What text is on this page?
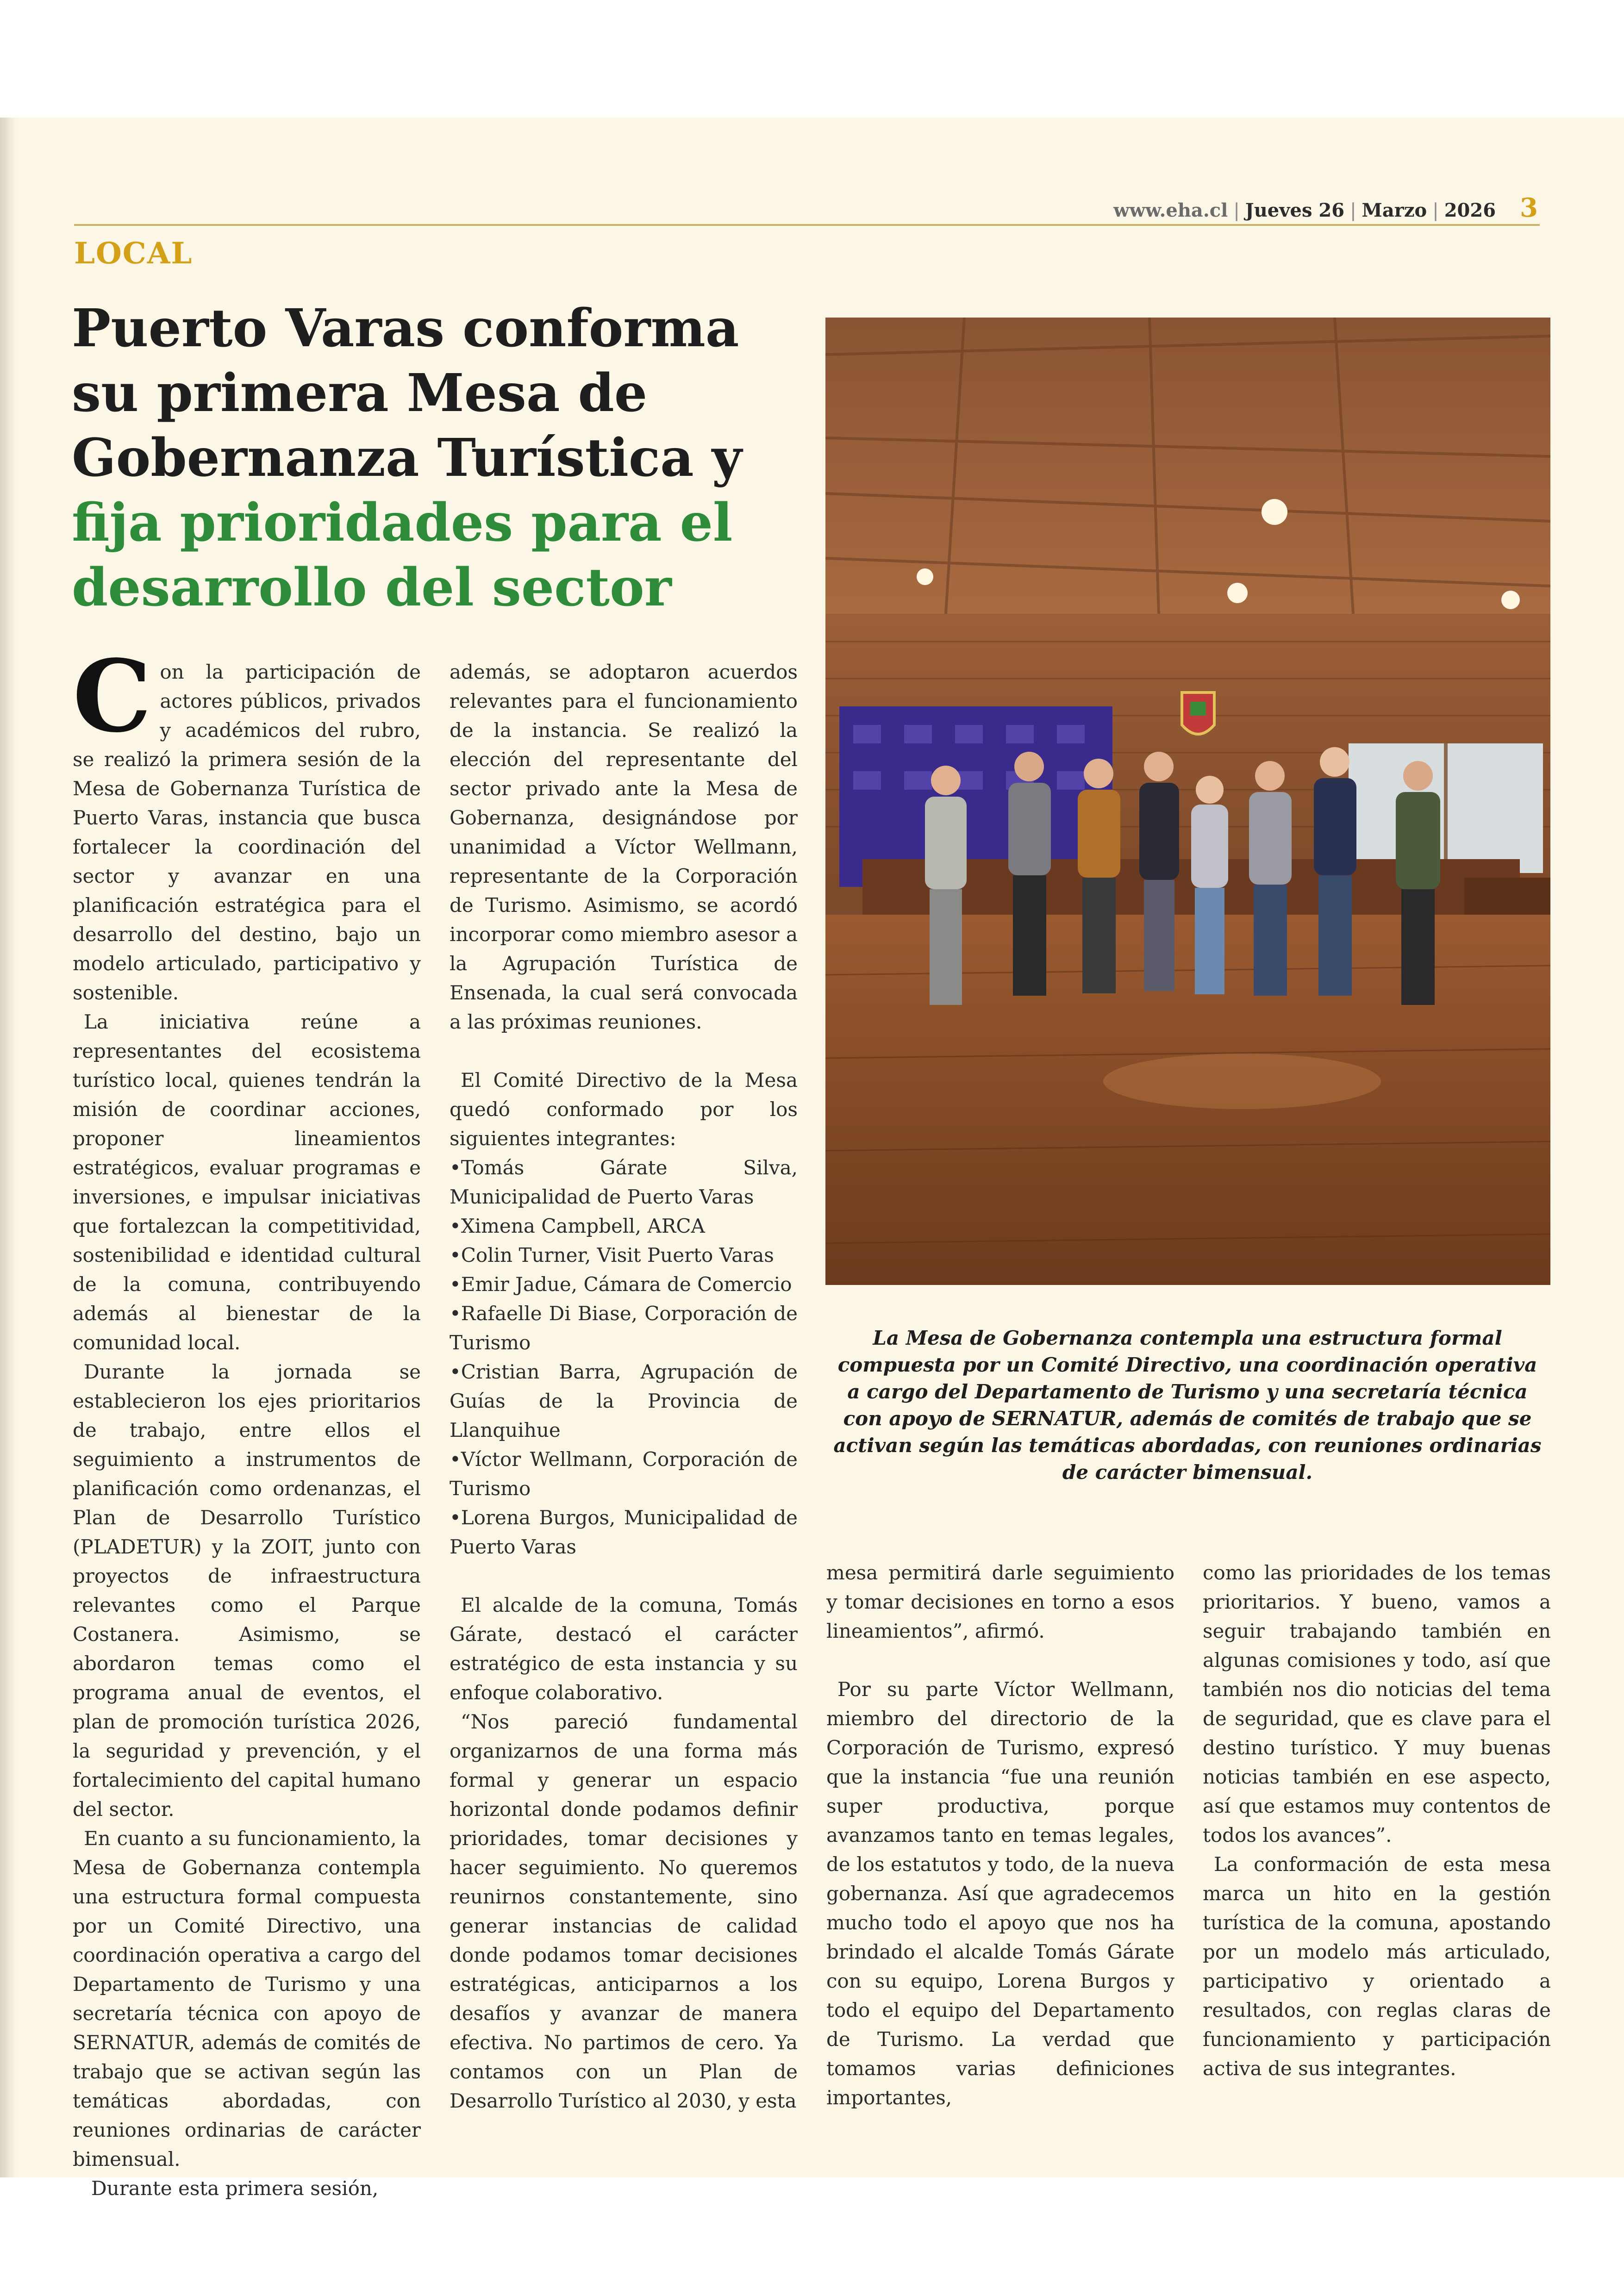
www.eha.cl | Jueves 26 | Marzo | 2026 3
LOCAL
Puerto Varas conforma
su primera Mesa de
Gobernanza Turística y
fija prioridades para el
desarrollo del sector
La Mesa de Gobernanza contempla una estructura formal compuesta por un Comité Directivo, una coordinación operativa a cargo del Departamento de Turismo y una secretaría técnica con apoyo de SERNATUR, además de comités de trabajo que se activan según las temáticas abordadas, con reuniones ordinarias de carácter bimensual.

Con la participación de actores públicos, privados y académicos del rubro, se realizó la primera sesión de la Mesa de Gobernanza Turística de Puerto Varas, instancia que busca fortalecer la coordinación del sector y avanzar en una planificación estratégica para el desarrollo del destino, bajo un modelo articulado, participativo y sostenible.

La iniciativa reúne a representantes del ecosistema turístico local, quienes tendrán la misión de coordinar acciones, proponer lineamientos estratégicos, evaluar programas e inversiones, e impulsar iniciativas que fortalezcan la competitividad, sostenibilidad e identidad cultural de la comuna, contribuyendo además al bienestar de la comunidad local.

Durante la jornada se establecieron los ejes prioritarios de trabajo, entre ellos el seguimiento a instrumentos de planificación como ordenanzas, el Plan de Desarrollo Turístico (PLADETUR) y la ZOIT, junto con proyectos de infraestructura relevantes como el Parque Costanera. Asimismo, se abordaron temas como el programa anual de eventos, el plan de promoción turística 2026, la seguridad y prevención, y el fortalecimiento del capital humano del sector.

En cuanto a su funcionamiento, la Mesa de Gobernanza contempla una estructura formal compuesta por un Comité Directivo, una coordinación operativa a cargo del Departamento de Turismo y una secretaría técnica con apoyo de SERNATUR, además de comités de trabajo que se activan según las temáticas abordadas, con reuniones ordinarias de carácter bimensual.

Durante esta primera sesión,

además, se adoptaron acuerdos relevantes para el funcionamiento de la instancia. Se realizó la elección del representante del sector privado ante la Mesa de Gobernanza, designándose por unanimidad a Víctor Wellmann, representante de la Corporación de Turismo. Asimismo, se acordó incorporar como miembro asesor a la Agrupación Turística de Ensenada, la cual será convocada a las próximas reuniones.

El Comité Directivo de la Mesa quedó conformado por los siguientes integrantes:

•Tomás Gárate Silva, Municipalidad de Puerto Varas

•Ximena Campbell, ARCA

•Colin Turner, Visit Puerto Varas

•Emir Jadue, Cámara de Comercio

•Rafaelle Di Biase, Corporación de Turismo

•Cristian Barra, Agrupación de Guías de la Provincia de Llanquihue

•Víctor Wellmann, Corporación de Turismo

•Lorena Burgos, Municipalidad de Puerto Varas

El alcalde de la comuna, Tomás Gárate, destacó el carácter estratégico de esta instancia y su enfoque colaborativo.

“Nos pareció fundamental organizarnos de una forma más formal y generar un espacio horizontal donde podamos definir prioridades, tomar decisiones y hacer seguimiento. No queremos reunirnos constantemente, sino generar instancias de calidad donde podamos tomar decisiones estratégicas, anticiparnos a los desafíos y avanzar de manera efectiva. No partimos de cero. Ya contamos con un Plan de Desarrollo Turístico al 2030, y esta

mesa permitirá darle seguimiento y tomar decisiones en torno a esos lineamientos”, afirmó.

Por su parte Víctor Wellmann, miembro del directorio de la Corporación de Turismo, expresó que la instancia “fue una reunión super productiva, porque avanzamos tanto en temas legales, de los estatutos y todo, de la nueva gobernanza. Así que agradecemos mucho todo el apoyo que nos ha brindado el alcalde Tomás Gárate con su equipo, Lorena Burgos y todo el equipo del Departamento de Turismo. La verdad que tomamos varias definiciones importantes,

como las prioridades de los temas prioritarios. Y bueno, vamos a seguir trabajando también en algunas comisiones y todo, así que también nos dio noticias del tema de seguridad, que es clave para el destino turístico. Y muy buenas noticias también en ese aspecto, así que estamos muy contentos de todos los avances”.

La conformación de esta mesa marca un hito en la gestión turística de la comuna, apostando por un modelo más articulado, participativo y orientado a resultados, con reglas claras de funcionamiento y participación activa de sus integrantes.
